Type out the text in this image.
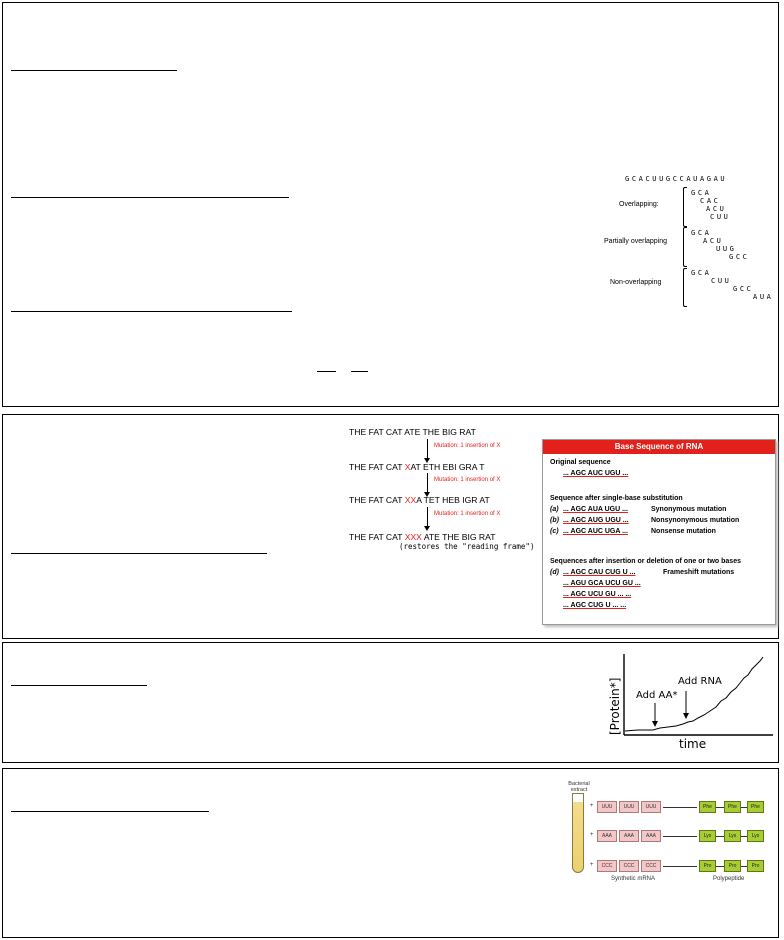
GCACUUGCCAUAGAU
Overlapping:
GCA
CAC
ACU
CUU
Partially overlapping
GCA
ACU
UUG
GCC
Non-overlapping
GCA
CUU
GCC
AUA
THE FAT CAT ATE THE BIG RAT
Mutation: 1 insertion of X
THE FAT CAT XAT ETH EBI GRA T
Mutation: 1 insertion of X
THE FAT CAT XXA TET HEB IGR AT
Mutation: 1 insertion of X
THE FAT CAT XXX ATE THE BIG RAT
(restores the "reading frame")
Base Sequence of RNA
Original sequence
... AGC AUC UGU ...
Sequence after single-base substitution
(a) ... AGC AUA UGU ...	Synonymous mutation
(b) ... AGC AUG UGU ...	Nonsynonymous mutation
(c) ... AGC AUC UGA ...	Nonsense mutation
Sequences after insertion or deletion of one or two bases
(d) ... AGC CAU CUG U ...	Frameshift mutations
... AGU GCA UCU GU ...
... AGC UCU GU ... ...
... AGC CUG U ... ...
[Protein*]
time
Add AA*
Add RNA
Bacterial extract
+	UUU	UUU	UUU	Phe	Phe	Phe
+	AAA	AAA	AAA	Lys	Lys	Lys
+	CCC	CCC	CCC	Pro	Pro	Pro
Synthetic mRNA	Polypeptide
